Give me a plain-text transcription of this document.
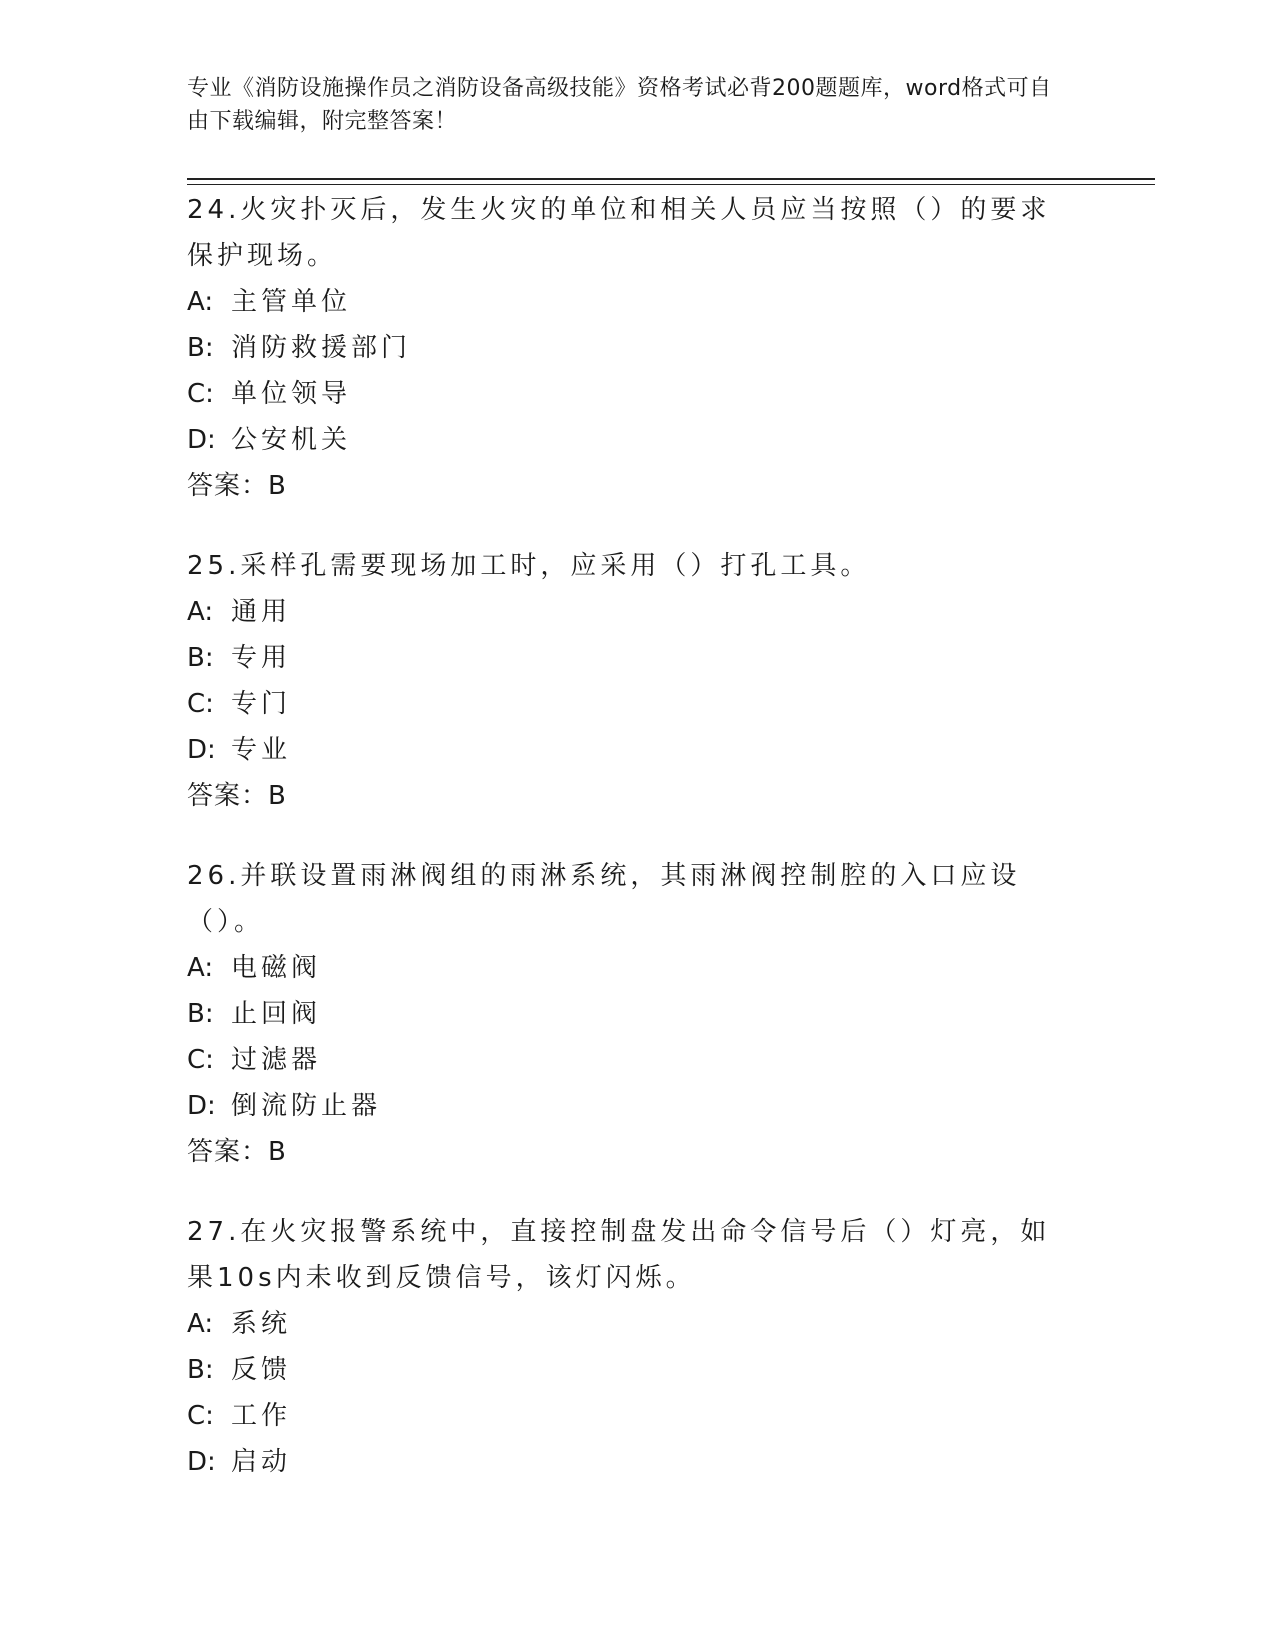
专业《消防设施操作员之消防设备高级技能》资格考试必背200题题库，word格式可自由下载编辑，附完整答案！

24.火灾扑灭后，发生火灾的单位和相关人员应当按照（）的要求保护现场。

A: 主管单位

B: 消防救援部门

C: 单位领导

D: 公安机关

答案：B

25.采样孔需要现场加工时，应采用（）打孔工具。

A: 通用

B: 专用

C: 专门

D: 专业

答案：B

26.并联设置雨淋阀组的雨淋系统，其雨淋阀控制腔的入口应设（）。

A: 电磁阀

B: 止回阀

C: 过滤器

D: 倒流防止器

答案：B

27.在火灾报警系统中，直接控制盘发出命令信号后（）灯亮，如果10s内未收到反馈信号，该灯闪烁。

A: 系统

B: 反馈

C: 工作

D: 启动
